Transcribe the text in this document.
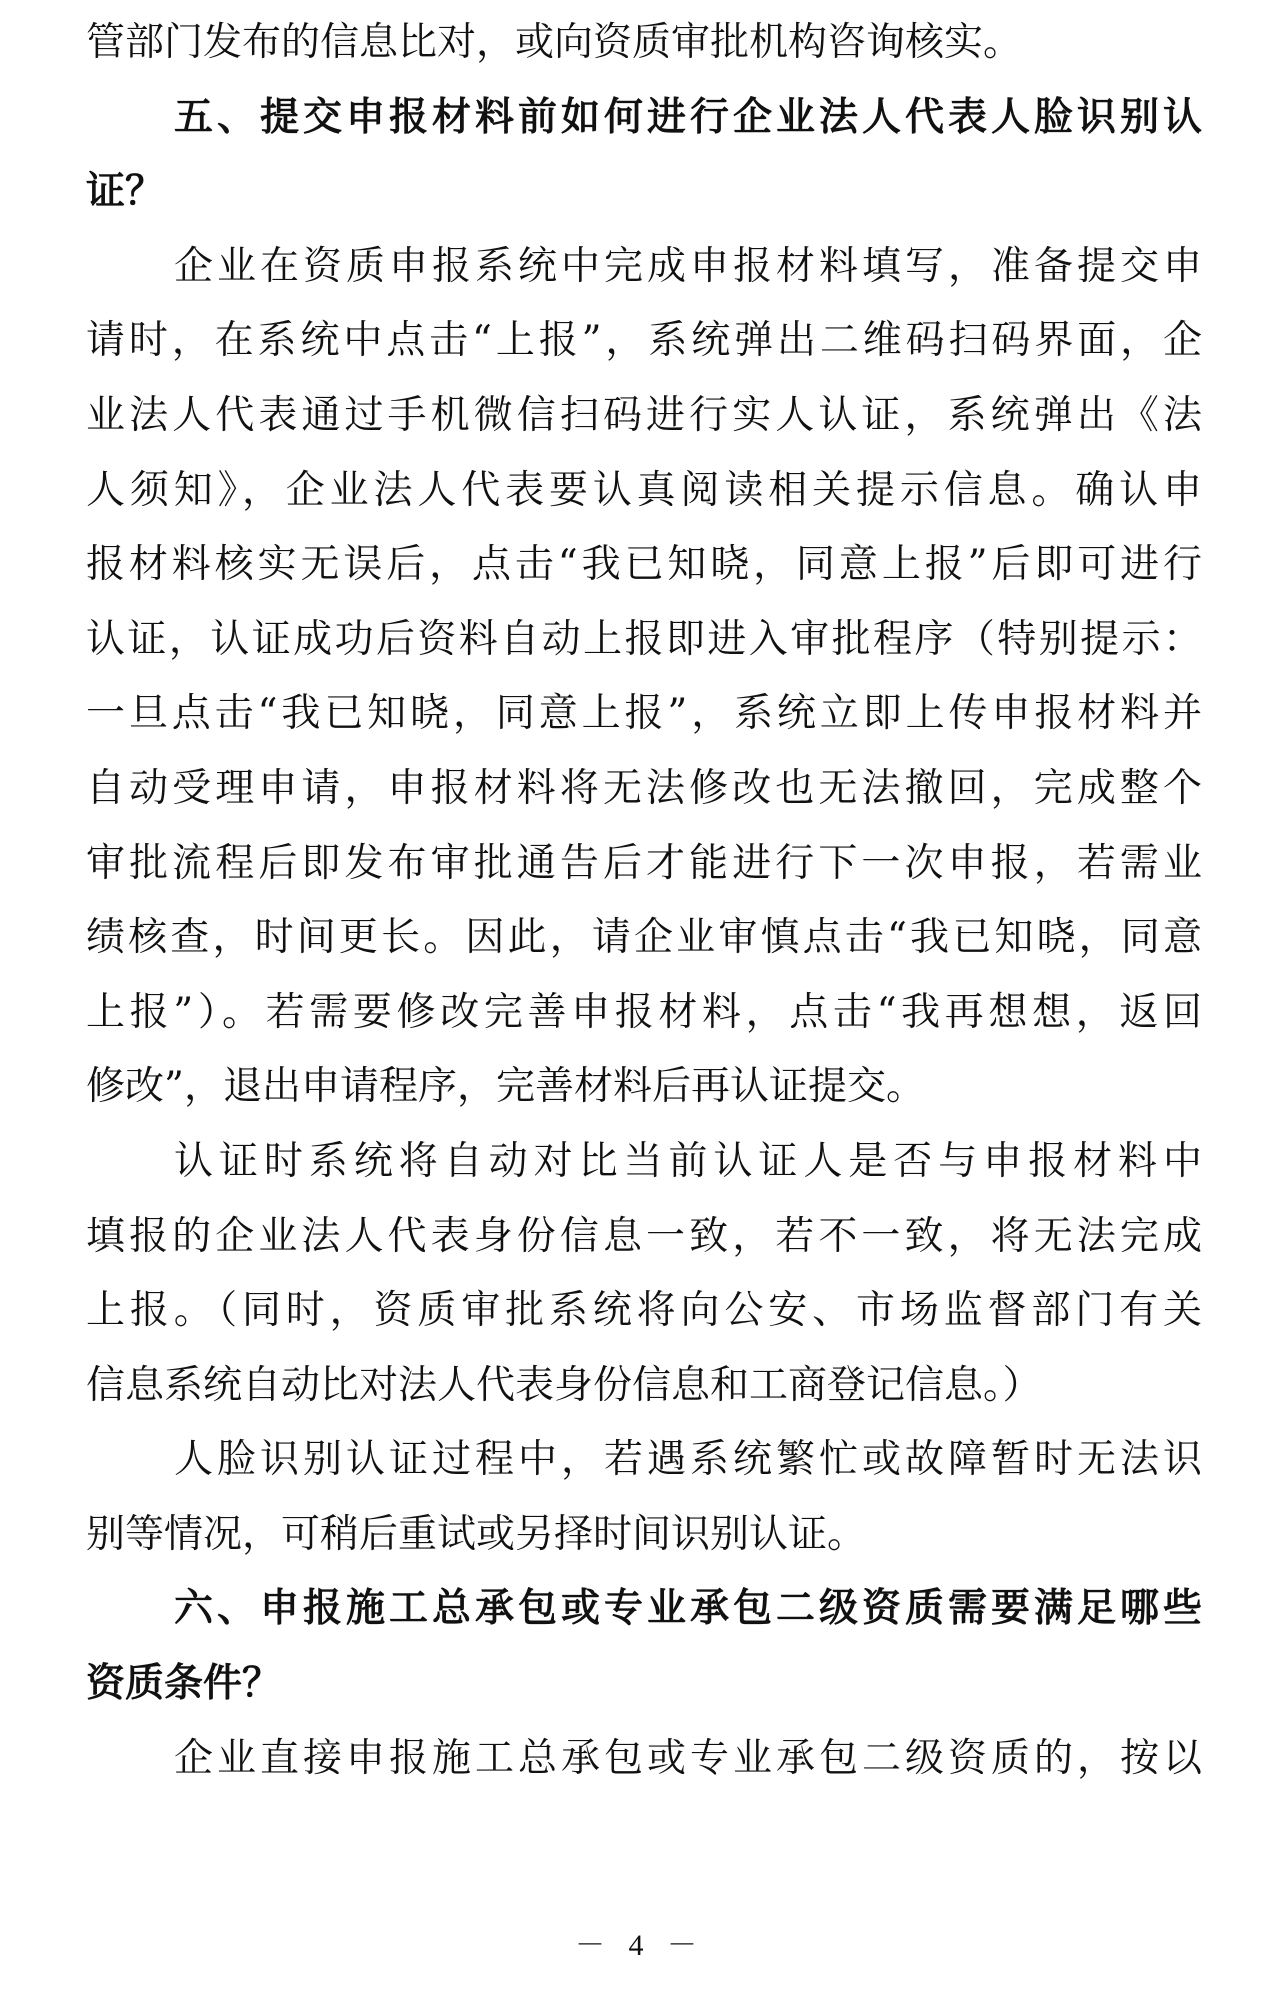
管部门发布的信息比对，或向资质审批机构咨询核实。
五、提交申报材料前如何进行企业法人代表人脸识别认
证？
企业在资质申报系统中完成申报材料填写，准备提交申
请时，在系统中点击“上报”，系统弹出二维码扫码界面，企
业法人代表通过手机微信扫码进行实人认证，系统弹出《法
人须知》，企业法人代表要认真阅读相关提示信息。确认申
报材料核实无误后，点击“我已知晓，同意上报”后即可进行
认证，认证成功后资料自动上报即进入审批程序（特别提示：
一旦点击“我已知晓，同意上报”，系统立即上传申报材料并
自动受理申请，申报材料将无法修改也无法撤回，完成整个
审批流程后即发布审批通告后才能进行下一次申报，若需业
绩核查，时间更长。因此，请企业审慎点击“我已知晓，同意
上报”）。若需要修改完善申报材料，点击“我再想想，返回
修改”，退出申请程序，完善材料后再认证提交。
认证时系统将自动对比当前认证人是否与申报材料中
填报的企业法人代表身份信息一致，若不一致，将无法完成
上报。（同时，资质审批系统将向公安、市场监督部门有关
信息系统自动比对法人代表身份信息和工商登记信息。）
人脸识别认证过程中，若遇系统繁忙或故障暂时无法识
别等情况，可稍后重试或另择时间识别认证。
六、申报施工总承包或专业承包二级资质需要满足哪些
资质条件？
企业直接申报施工总承包或专业承包二级资质的，按以
－ 4 －
